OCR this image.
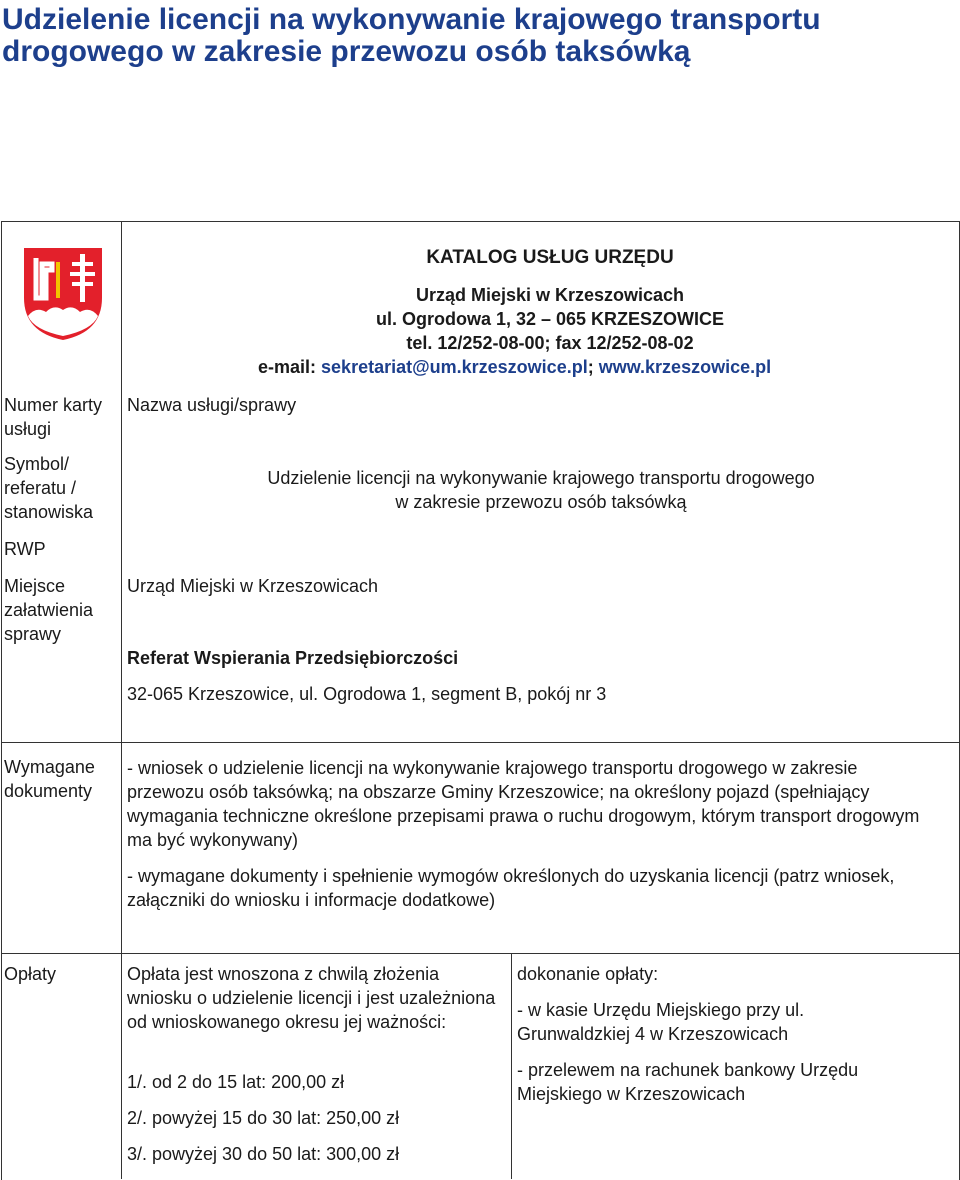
Udzielenie licencji na wykonywanie krajowego transportu
drogowego w zakresie przewozu osób taksówką
KATALOG USŁUG URZĘDU
Urząd Miejski w Krzeszowicach
ul. Ogrodowa 1, 32 – 065 KRZESZOWICE
tel. 12/252-08-00; fax 12/252-08-02
e-mail: sekretariat@um.krzeszowice.pl; www.krzeszowice.pl
Numer karty usługi
Symbol/ referatu / stanowiska
RWP
Miejsce załatwienia sprawy
Wymagane dokumenty
Opłaty
Nazwa usługi/sprawy
Udzielenie licencji na wykonywanie krajowego transportu drogowego
w zakresie przewozu osób taksówką
Urząd Miejski w Krzeszowicach
Referat Wspierania Przedsiębiorczości
32-065 Krzeszowice, ul. Ogrodowa 1, segment B, pokój nr 3
- wniosek o udzielenie licencji na wykonywanie krajowego transportu drogowego w zakresie przewozu osób taksówką; na obszarze Gminy Krzeszowice; na określony pojazd (spełniający wymagania techniczne określone przepisami prawa o ruchu drogowym, którym transport drogowym ma być wykonywany)
- wymagane dokumenty i spełnienie wymogów określonych do uzyskania licencji (patrz wniosek, załączniki do wniosku i informacje dodatkowe)
Opłata jest wnoszona z chwilą złożenia wniosku o udzielenie licencji i jest uzależniona od wnioskowanego okresu jej ważności:
1/. od 2 do 15 lat: 200,00 zł
2/. powyżej 15 do 30 lat: 250,00 zł
3/. powyżej 30 do 50 lat: 300,00 zł
dokonanie opłaty:
- w kasie Urzędu Miejskiego przy ul. Grunwaldzkiej 4 w Krzeszowicach
- przelewem na rachunek bankowy Urzędu Miejskiego w Krzeszowicach
